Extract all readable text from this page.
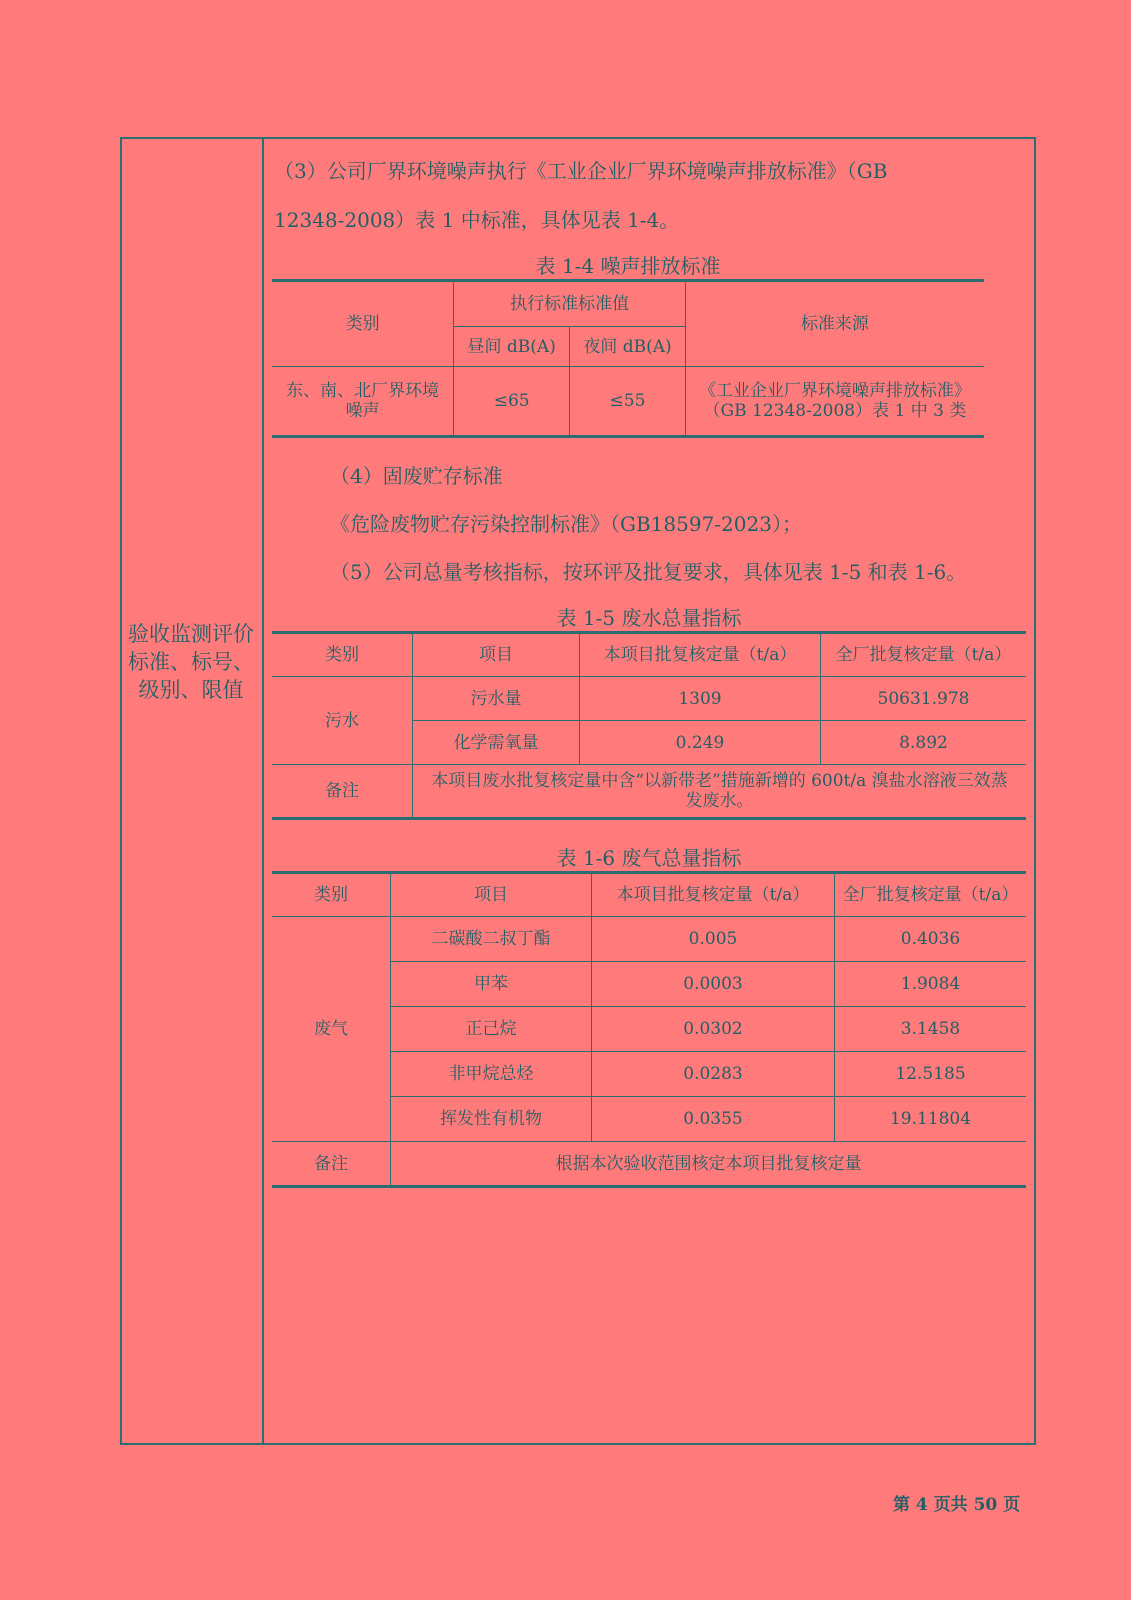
验收监测评价标准、标号、级别、限值
（3）公司厂界环境噪声执行《工业企业厂界环境噪声排放标准》（GB
12348-2008）表 1 中标准，具体见表 1-4。
表 1-4 噪声排放标准
类别	执行标准标准值		标准来源
	昼间 dB(A)	夜间 dB(A)	
东、南、北厂界环境噪声	≤65	≤55	《工业企业厂界环境噪声排放标准》（GB 12348-2008）表 1 中 3 类
（4）固废贮存标准
《危险废物贮存污染控制标准》（GB18597-2023）；
（5）公司总量考核指标，按环评及批复要求，具体见表 1-5 和表 1-6。
表 1-5 废水总量指标
类别	项目	本项目批复核定量（t/a）	全厂批复核定量（t/a）
污水	污水量	1309	50631.978
	化学需氧量	0.249	8.892
备注	本项目废水批复核定量中含“以新带老”措施新增的 600t/a 溴盐水溶液三效蒸发废水。		
表 1-6 废气总量指标
类别	项目	本项目批复核定量（t/a）	全厂批复核定量（t/a）
废气	二碳酸二叔丁酯	0.005	0.4036
	甲苯	0.0003	1.9084
	正己烷	0.0302	3.1458
	非甲烷总烃	0.0283	12.5185
	挥发性有机物	0.0355	19.11804
备注	根据本次验收范围核定本项目批复核定量		
第 4 页共 50 页
